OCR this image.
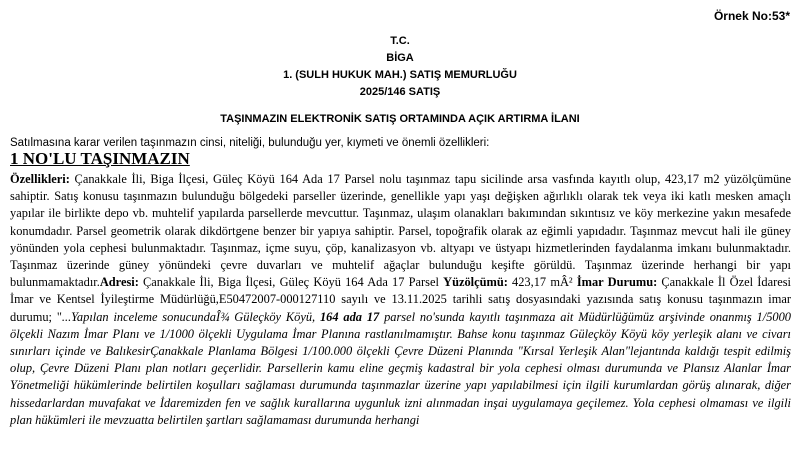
Örnek No:53*
T.C.
BİGA
1. (SULH HUKUK MAH.) SATIŞ MEMURLUĞU
2025/146 SATIŞ
TAŞINMAZIN ELEKTRONİK SATIŞ ORTAMINDA AÇIK ARTIRMA İLANI
Satılmasına karar verilen taşınmazın cinsi, niteliği, bulunduğu yer, kıymeti ve önemli özellikleri:
1 NO'LU TAŞINMAZIN
Özellikleri: Çanakkale İli, Biga İlçesi, Güleç Köyü 164 Ada 17 Parsel nolu taşınmaz tapu sicilinde arsa vasfında kayıtlı olup, 423,17 m2 yüzölçümüne sahiptir. Satış konusu taşınmazın bulunduğu bölgedeki parseller üzerinde, genellikle yapı yaşı değişken ağırlıklı olarak tek veya iki katlı mesken amaçlı yapılar ile birlikte depo vb. muhtelif yapılarda parsellerde mevcuttur. Taşınmaz, ulaşım olanakları bakımından sıkıntısız ve köy merkezine yakın mesafede konumdadır. Parsel geometrik olarak dikdörtgene benzer bir yapıya sahiptir. Parsel, topoğrafik olarak az eğimli yapıdadır. Taşınmaz mevcut hali ile güney yönünden yola cephesi bulunmaktadır. Taşınmaz, içme suyu, çöp, kanalizasyon vb. altyapı ve üstyapı hizmetlerinden faydalanma imkanı bulunmaktadır. Taşınmaz üzerinde güney yönündeki çevre duvarları ve muhtelif ağaçlar bulunduğu keşifte görüldü. Taşınmaz üzerinde herhangi bir yapı bulunmamaktadır.Adresi: Çanakkale İli, Biga İlçesi, Güleç Köyü 164 Ada 17 Parsel Yüzölçümü: 423,17 mÂ² İmar Durumu: Çanakkale İl Özel İdaresi İmar ve Kentsel İyileştirme Müdürlüğü,E50472007-000127110 sayılı ve 13.11.2025 tarihli satış dosyasındaki yazısında satış konusu taşınmazın imar durumu; "...Yapılan inceleme sonucundaÎ¾ Güleçköy Köyü, 164 ada 17 parsel no'sunda kayıtlı taşınmaza ait Müdürlüğümüz arşivinde onanmış 1/5000 ölçekli Nazım İmar Planı ve 1/1000 ölçekli Uygulama İmar Planına rastlanılmamıştır. Bahse konu taşınmaz Güleçköy Köyü köy yerleşik alanı ve civarı sınırları içinde ve BalıkesirÇanakkale Planlama Bölgesi 1/100.000 ölçekli Çevre Düzeni Planında "Kırsal Yerleşik Alan"lejantında kaldığı tespit edilmiş olup, Çevre Düzeni Planı plan notları geçerlidir. Parsellerin kamu eline geçmiş kadastral bir yola cephesi olması durumunda ve Plansız Alanlar İmar Yönetmeliği hükümlerinde belirtilen koşulları sağlaması durumunda taşınmazlar üzerine yapı yapılabilmesi için ilgili kurumlardan görüş alınarak, diğer hissedarlardan muvafakat ve İdaremizden fen ve sağlık kurallarına uygunluk izni alınmadan inşai uygulamaya geçilemez. Yola cephesi olmaması ve ilgili plan hükümleri ile mevzuatta belirtilen şartları sağlamaması durumunda herhangi
